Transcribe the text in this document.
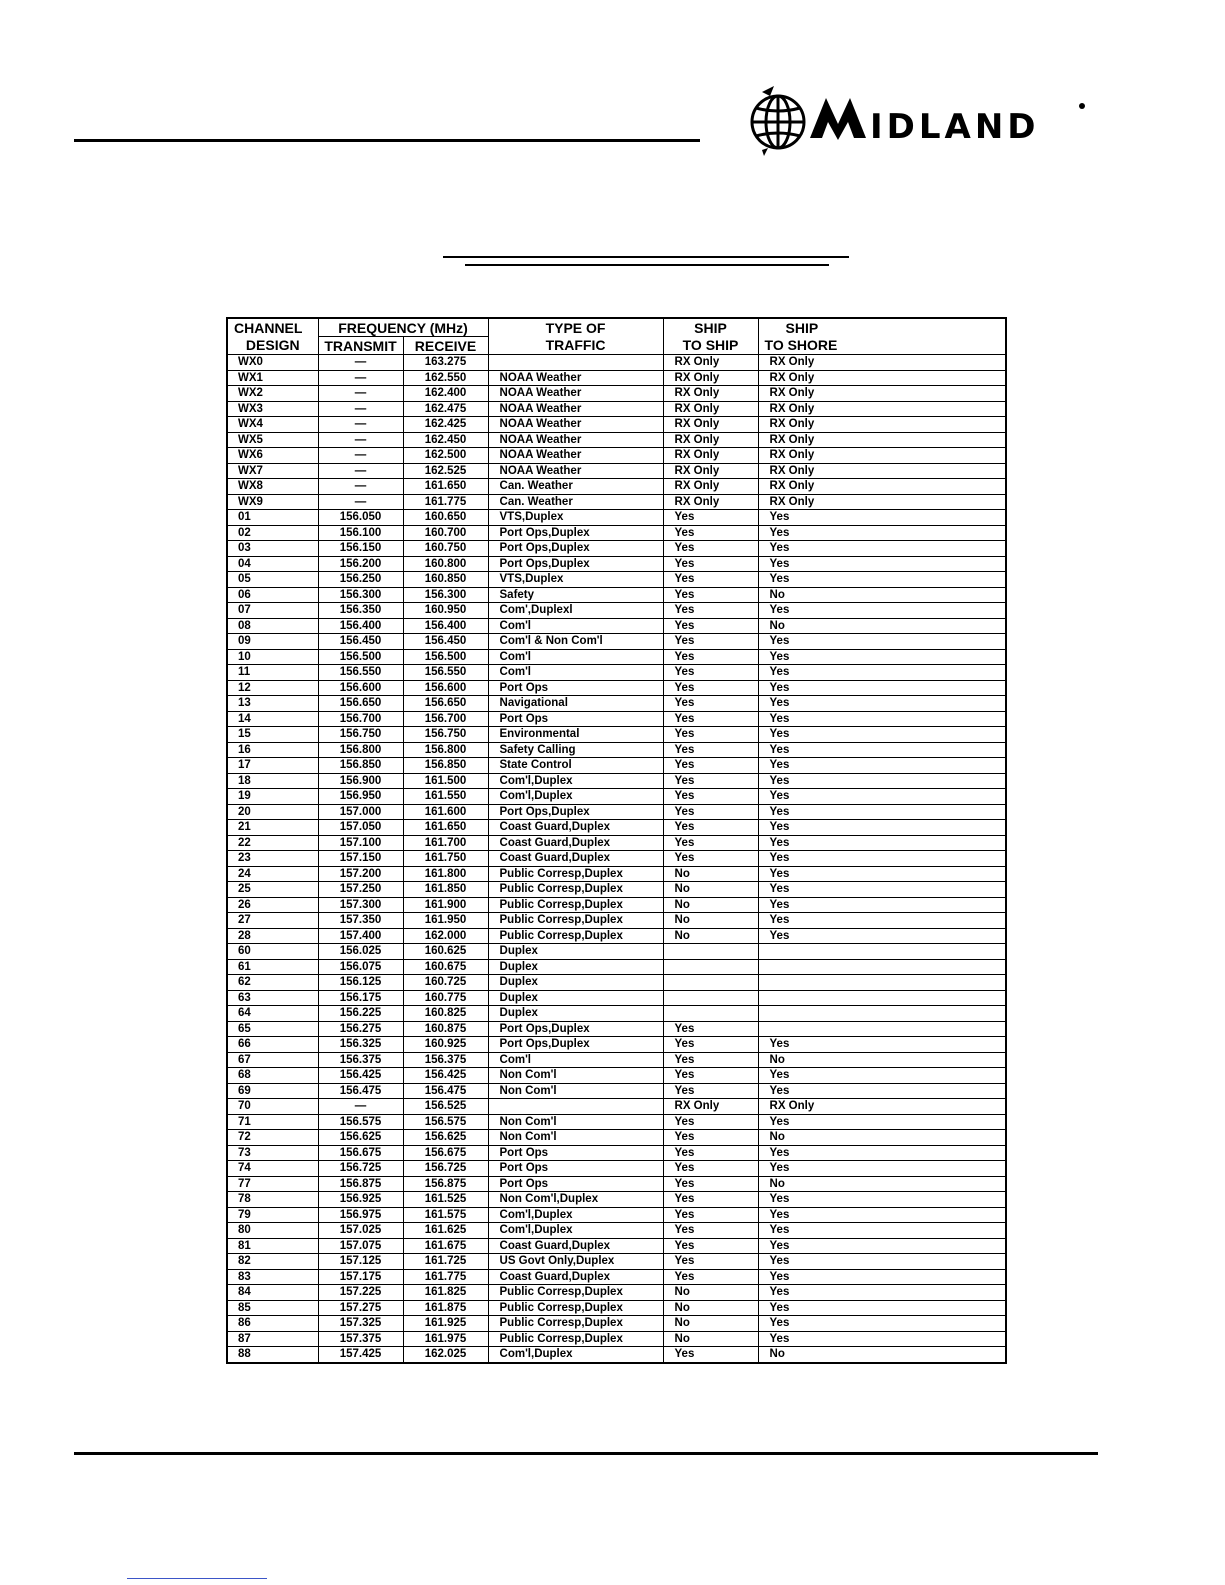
IDLAND
CHANNEL	FREQUENCY (MHz)		TYPE OF	SHIP	SHIP
DESIGN	TRANSMIT	RECEIVE	TRAFFIC	TO SHIP	TO SHORE
WX0	—	163.275		RX Only	RX Only
WX1	—	162.550	NOAA Weather	RX Only	RX Only
WX2	—	162.400	NOAA Weather	RX Only	RX Only
WX3	—	162.475	NOAA Weather	RX Only	RX Only
WX4	—	162.425	NOAA Weather	RX Only	RX Only
WX5	—	162.450	NOAA Weather	RX Only	RX Only
WX6	—	162.500	NOAA Weather	RX Only	RX Only
WX7	—	162.525	NOAA Weather	RX Only	RX Only
WX8	—	161.650	Can. Weather	RX Only	RX Only
WX9	—	161.775	Can. Weather	RX Only	RX Only
01	156.050	160.650	VTS,Duplex	Yes	Yes
02	156.100	160.700	Port Ops,Duplex	Yes	Yes
03	156.150	160.750	Port Ops,Duplex	Yes	Yes
04	156.200	160.800	Port Ops,Duplex	Yes	Yes
05	156.250	160.850	VTS,Duplex	Yes	Yes
06	156.300	156.300	Safety	Yes	No
07	156.350	160.950	Com',Duplexl	Yes	Yes
08	156.400	156.400	Com'l	Yes	No
09	156.450	156.450	Com'l & Non Com'l	Yes	Yes
10	156.500	156.500	Com'l	Yes	Yes
11	156.550	156.550	Com'l	Yes	Yes
12	156.600	156.600	Port Ops	Yes	Yes
13	156.650	156.650	Navigational	Yes	Yes
14	156.700	156.700	Port Ops	Yes	Yes
15	156.750	156.750	Environmental	Yes	Yes
16	156.800	156.800	Safety Calling	Yes	Yes
17	156.850	156.850	State Control	Yes	Yes
18	156.900	161.500	Com'l,Duplex	Yes	Yes
19	156.950	161.550	Com'l,Duplex	Yes	Yes
20	157.000	161.600	Port Ops,Duplex	Yes	Yes
21	157.050	161.650	Coast Guard,Duplex	Yes	Yes
22	157.100	161.700	Coast Guard,Duplex	Yes	Yes
23	157.150	161.750	Coast Guard,Duplex	Yes	Yes
24	157.200	161.800	Public Corresp,Duplex	No	Yes
25	157.250	161.850	Public Corresp,Duplex	No	Yes
26	157.300	161.900	Public Corresp,Duplex	No	Yes
27	157.350	161.950	Public Corresp,Duplex	No	Yes
28	157.400	162.000	Public Corresp,Duplex	No	Yes
60	156.025	160.625	Duplex		
61	156.075	160.675	Duplex		
62	156.125	160.725	Duplex		
63	156.175	160.775	Duplex		
64	156.225	160.825	Duplex		
65	156.275	160.875	Port Ops,Duplex	Yes	
66	156.325	160.925	Port Ops,Duplex	Yes	Yes
67	156.375	156.375	Com'l	Yes	No
68	156.425	156.425	Non Com'l	Yes	Yes
69	156.475	156.475	Non Com'l	Yes	Yes
70	—	156.525		RX Only	RX Only
71	156.575	156.575	Non Com'l	Yes	Yes
72	156.625	156.625	Non Com'l	Yes	No
73	156.675	156.675	Port Ops	Yes	Yes
74	156.725	156.725	Port Ops	Yes	Yes
77	156.875	156.875	Port Ops	Yes	No
78	156.925	161.525	Non Com'l,Duplex	Yes	Yes
79	156.975	161.575	Com'l,Duplex	Yes	Yes
80	157.025	161.625	Com'l,Duplex	Yes	Yes
81	157.075	161.675	Coast Guard,Duplex	Yes	Yes
82	157.125	161.725	US Govt Only,Duplex	Yes	Yes
83	157.175	161.775	Coast Guard,Duplex	Yes	Yes
84	157.225	161.825	Public Corresp,Duplex	No	Yes
85	157.275	161.875	Public Corresp,Duplex	No	Yes
86	157.325	161.925	Public Corresp,Duplex	No	Yes
87	157.375	161.975	Public Corresp,Duplex	No	Yes
88	157.425	162.025	Com'l,Duplex	Yes	No
